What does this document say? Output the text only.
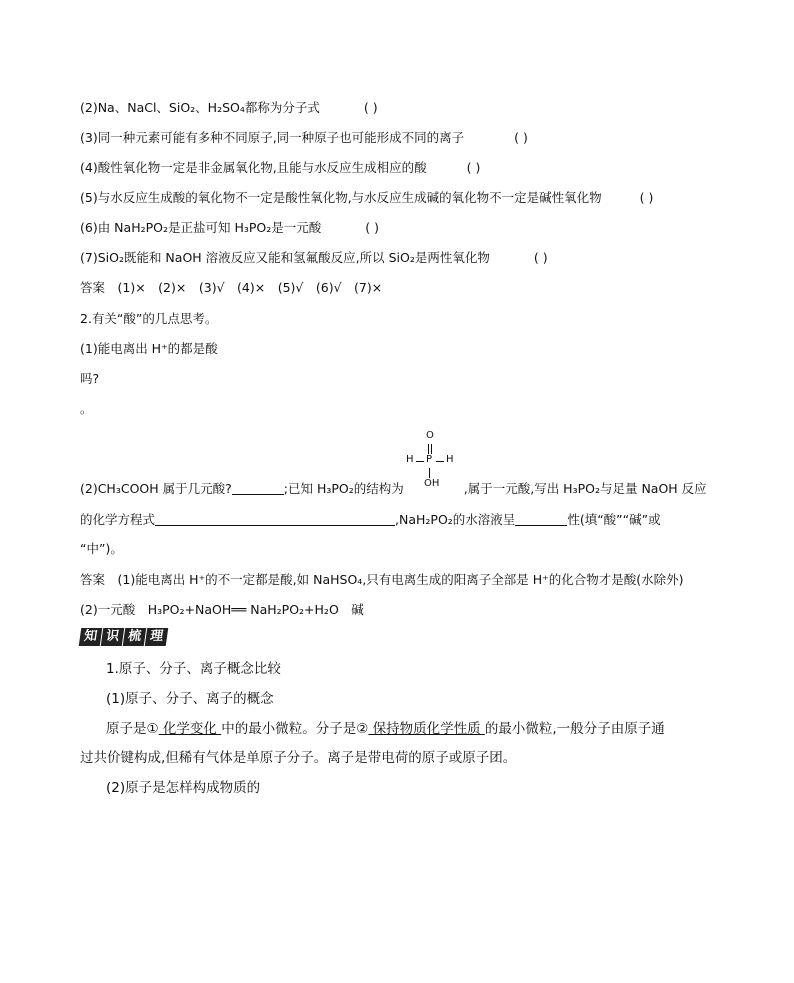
(2)Na、NaCl、SiO₂、H₂SO₄都称为分子式	( )
(3)同一种元素可能有多种不同原子,同一种原子也可能形成不同的离子	( )
(4)酸性氧化物一定是非金属氧化物,且能与水反应生成相应的酸	( )
(5)与水反应生成酸的氧化物不一定是酸性氧化物,与水反应生成碱的氧化物不一定是碱性氧化物	( )
(6)由 NaH₂PO₂是正盐可知 H₃PO₂是一元酸	( )
(7)SiO₂既能和 NaOH 溶液反应又能和氢氟酸反应,所以 SiO₂是两性氧化物	( )
答案　(1)×　(2)×　(3)√　(4)×　(5)√　(6)√　(7)×
2.有关“酸”的几点思考。
(1)能电离出 H⁺的都是酸
吗?
。
O
H P H
OH
(2)CH₃COOH 属于几元酸?	;已知 H₃PO₂的结构为	,属于一元酸,写出 H₃PO₂与足量 NaOH 反应
的化学方程式	,NaH₂PO₂的水溶液呈	性(填“酸”“碱”或
“中”)。
答案　(1)能电离出 H⁺的不一定都是酸,如 NaHSO₄,只有电离生成的阳离子全部是 H⁺的化合物才是酸(水除外)
(2)一元酸　H₃PO₂+NaOH══ NaH₂PO₂+H₂O　碱
知 识 梳 理
1.原子、分子、离子概念比较
(1)原子、分子、离子的概念
原子是① 化学变化 中的最小微粒。分子是② 保持物质化学性质 的最小微粒,一般分子由原子通
过共价键构成,但稀有气体是单原子分子。离子是带电荷的原子或原子团。
(2)原子是怎样构成物质的
